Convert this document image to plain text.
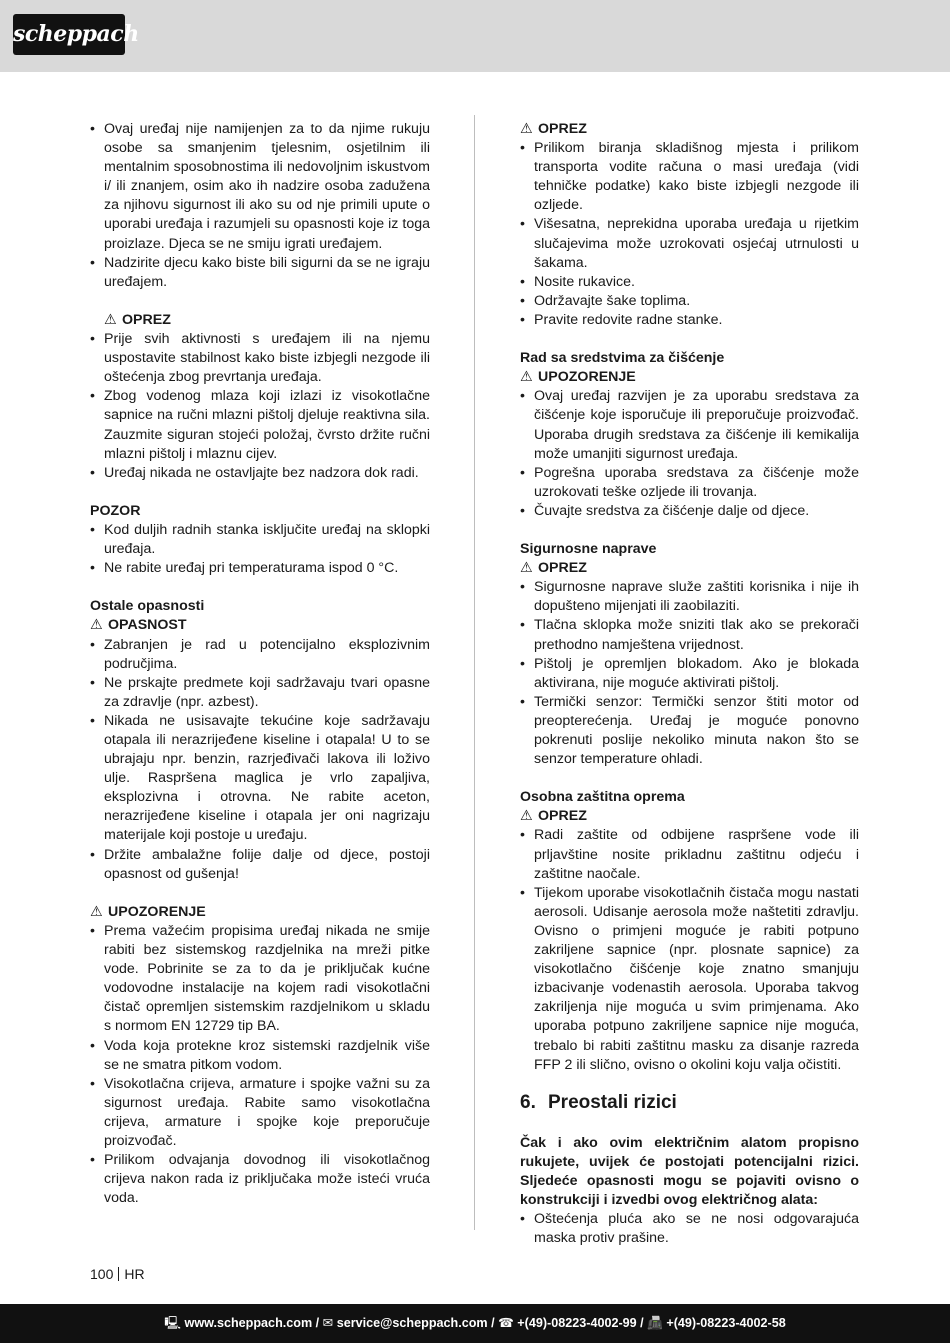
scheppach
• Ovaj uređaj nije namijenjen za to da njime rukuju osobe sa smanjenim tjelesnim, osjetilnim ili mentalnim sposobnostima ili nedovoljnim iskustvom i/ ili znanjem, osim ako ih nadzire osoba zadužena za njihovu sigurnost ili ako su od nje primili upute o uporabi uređaja i razumjeli su opasnosti koje iz toga proizlaze. Djeca se ne smiju igrati uređajem.
• Nadzirite djecu kako biste bili sigurni da se ne igraju uređajem.

⚠ OPREZ

• Prije svih aktivnosti s uređajem ili na njemu uspostavite stabilnost kako biste izbjegli nezgode ili oštećenja zbog prevrtanja uređaja.
• Zbog vodenog mlaza koji izlazi iz visokotlačne sapnice na ručni mlazni pištolj djeluje reaktivna sila. Zauzmite siguran stojeći položaj, čvrsto držite ručni mlazni pištolj i mlaznu cijev.
• Uređaj nikada ne ostavljajte bez nadzora dok radi.

POZOR

• Kod duljih radnih stanka isključite uređaj na sklopki uređaja.
• Ne rabite uređaj pri temperaturama ispod 0 °C.

Ostale opasnosti

⚠ OPASNOST

• Zabranjen je rad u potencijalno eksplozivnim područjima.
• Ne prskajte predmete koji sadržavaju tvari opasne za zdravlje (npr. azbest).
• Nikada ne usisavajte tekućine koje sadržavaju otapala ili nerazrijeđene kiseline i otapala! U to se ubrajaju npr. benzin, razrjeđivači lakova ili loživo ulje. Raspršena maglica je vrlo zapaljiva, eksplozivna i otrovna. Ne rabite aceton, nerazrijeđene kiseline i otapala jer oni nagrizaju materijale koji postoje u uređaju.
• Držite ambalažne folije dalje od djece, postoji opasnost od gušenja!

⚠ UPOZORENJE

• Prema važećim propisima uređaj nikada ne smije rabiti bez sistemskog razdjelnika na mreži pitke vode. Pobrinite se za to da je priključak kućne vodovodne instalacije na kojem radi visokotlačni čistač opremljen sistemskim razdjelnikom u skladu s normom EN 12729 tip BA.
• Voda koja protekne kroz sistemski razdjelnik više se ne smatra pitkom vodom.
• Visokotlačna crijeva, armature i spojke važni su za sigurnost uređaja. Rabite samo visokotlačna crijeva, armature i spojke koje preporučuje proizvođač.
• Prilikom odvajanja dovodnog ili visokotlačnog crijeva nakon rada iz priključaka može isteći vruća voda.

⚠ OPREZ

• Prilikom biranja skladišnog mjesta i prilikom transporta vodite računa o masi uređaja (vidi tehničke podatke) kako biste izbjegli nezgode ili ozljede.
• Višesatna, neprekidna uporaba uređaja u rijetkim slučajevima može uzrokovati osjećaj utrnulosti u šakama.
• Nosite rukavice.
• Održavajte šake toplima.
• Pravite redovite radne stanke.

Rad sa sredstvima za čišćenje

⚠ UPOZORENJE

• Ovaj uređaj razvijen je za uporabu sredstava za čišćenje koje isporučuje ili preporučuje proizvođač. Uporaba drugih sredstava za čišćenje ili kemikalija može umanjiti sigurnost uređaja.
• Pogrešna uporaba sredstava za čišćenje može uzrokovati teške ozljede ili trovanja.
• Čuvajte sredstva za čišćenje dalje od djece.

Sigurnosne naprave

⚠ OPREZ

• Sigurnosne naprave služe zaštiti korisnika i nije ih dopušteno mijenjati ili zaobilaziti.
• Tlačna sklopka može sniziti tlak ako se prekorači prethodno namještena vrijednost.
• Pištolj je opremljen blokadom. Ako je blokada aktivirana, nije moguće aktivirati pištolj.
• Termički senzor: Termički senzor štiti motor od preopterećenja. Uređaj je moguće ponovno pokrenuti poslije nekoliko minuta nakon što se senzor temperature ohladi.

Osobna zaštitna oprema

⚠ OPREZ

• Radi zaštite od odbijene raspršene vode ili prljavštine nosite prikladnu zaštitnu odjeću i zaštitne naočale.
• Tijekom uporabe visokotlačnih čistača mogu nastati aerosoli. Udisanje aerosola može naštetiti zdravlju. Ovisno o primjeni moguće je rabiti potpuno zakriljene sapnice (npr. plosnate sapnice) za visokotlačno čišćenje koje znatno smanjuju izbacivanje vodenastih aerosola. Uporaba takvog zakriljenja nije moguća u svim primjenama. Ako uporaba potpuno zakriljene sapnice nije moguća, trebalo bi rabiti zaštitnu masku za disanje razreda FFP 2 ili slično, ovisno o okolini koju valja očistiti.

6. Preostali rizici

Čak i ako ovim električnim alatom propisno rukujete, uvijek će postojati potencijalni rizici. Sljedeće opasnosti mogu se pojaviti ovisno o konstrukciji i izvedbi ovog električnog alata:

• Oštećenja pluća ako se ne nosi odgovarajuća maska protiv prašine.
100 HR
🖳 www.scheppach.com / ✉ service@scheppach.com / ☎ +(49)-08223-4002-99 / 📠 +(49)-08223-4002-58
